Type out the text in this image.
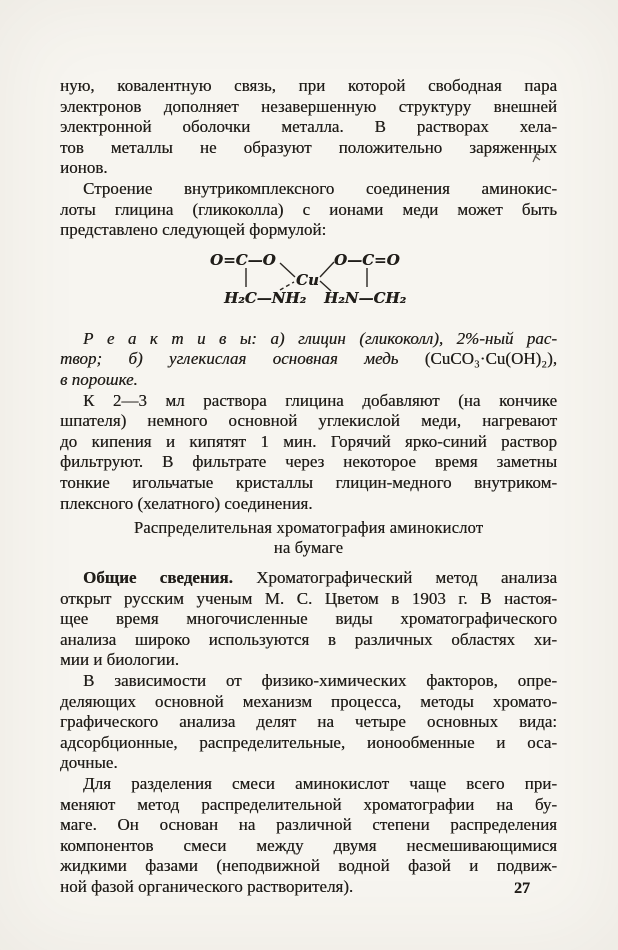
ную, ковалентную связь, при которой свободная пара
электронов дополняет незавершенную структуру внешней
электронной оболочки металла. В растворах хела-
тов металлы не образуют положительно заряженных
ионов.
Строение внутрикомплексного соединения аминокис-
лоты глицина (гликоколла) с ионами меди может быть
представлено следующей формулой:
O=C—O	O—C=O
Cu
H₂C—NH₂ H₂N—CH₂
Р е а к т и в ы: а) глицин (гликоколл), 2%-ный рас-
твор; б) углекислая основная медь (CuCO₃·Cu(OH)₂),
в порошке.
К 2—3 мл раствора глицина добавляют (на кончике
шпателя) немного основной углекислой меди, нагревают
до кипения и кипятят 1 мин. Горячий ярко-синий раствор
фильтруют. В фильтрате через некоторое время заметны
тонкие игольчатые кристаллы глицин-медного внутриком-
плексного (хелатного) соединения.
Распределительная хроматография аминокислот
на бумаге
Общие сведения. Хроматографический метод анализа
открыт русским ученым М. С. Цветом в 1903 г. В настоя-
щее время многочисленные виды хроматографического
анализа широко используются в различных областях хи-
мии и биологии.
В зависимости от физико-химических факторов, опре-
деляющих основной механизм процесса, методы хромато-
графического анализа делят на четыре основных вида:
адсорбционные, распределительные, ионообменные и оса-
дочные.
Для разделения смеси аминокислот чаще всего при-
меняют метод распределительной хроматографии на бу-
маге. Он основан на различной степени распределения
компонентов смеси между двумя несмешивающимися
жидкими фазами (неподвижной водной фазой и подвиж-
ной фазой органического растворителя).	27
